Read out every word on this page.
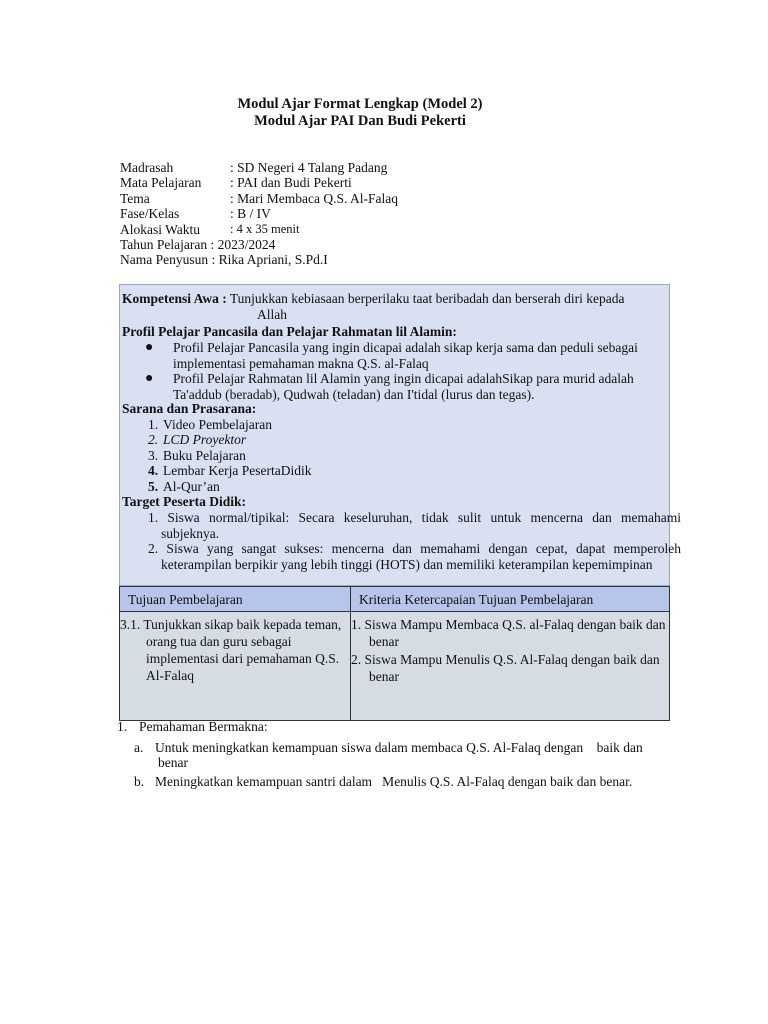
Modul Ajar Format Lengkap (Model 2)
Modul Ajar PAI Dan Budi Pekerti
Madrasah	: SD Negeri 4 Talang Padang
Mata Pelajaran : PAI dan Budi Pekerti
Tema	: Mari Membaca Q.S. Al-Falaq
Fase/Kelas	: B / IV
Alokasi Waktu : 4 x 35 menit
Tahun Pelajaran : 2023/2024
Nama Penyusun : Rika Apriani, S.Pd.I

Kompetensi Awa : Tunjukkan kebiasaan berperilaku taat beribadah dan berserah diri kepada
Allah

Profil Pelajar Pancasila dan Pelajar Rahmatan lil Alamin:

● Profil Pelajar Pancasila yang ingin dicapai adalah sikap kerja sama dan peduli sebagai
implementasi pemahaman makna Q.S. al-Falaq
● Profil Pelajar Rahmatan lil Alamin yang ingin dicapai adalahSikap para murid adalah
Ta'addub (beradab), Qudwah (teladan) dan I'tidal (lurus dan tegas).

Sarana dan Prasarana:

1. Video Pembelajaran
2. LCD Proyektor
3. Buku Pelajaran
4. Lembar Kerja PesertaDidik
5. Al-Qur’an

Target Peserta Didik:

1. Siswa normal/tipikal: Secara keseluruhan, tidak sulit untuk mencerna dan memahami subjeknya.
2. Siswa yang sangat sukses: mencerna dan memahami dengan cepat, dapat memperoleh keterampilan berpikir yang lebih tinggi (HOTS) dan memiliki keterampilan kepemimpinan
Tujuan Pembelajaran	Kriteria Ketercapaian Tujuan Pembelajaran

3.1. Tunjukkan sikap baik kepada teman, orang tua dan guru sebagai implementasi dari pemahaman Q.S. Al-Falaq	1. Siswa Mampu Membaca Q.S. al-Falaq dengan baik dan benar
2. Siswa Mampu Menulis Q.S. Al-Falaq dengan baik dan benar
1. Pemahaman Bermakna:
a. Untuk meningkatkan kemampuan siswa dalam membaca Q.S. Al-Falaq dengan    baik dan
benar
b. Meningkatkan kemampuan santri dalam   Menulis Q.S. Al-Falaq dengan baik dan benar.
